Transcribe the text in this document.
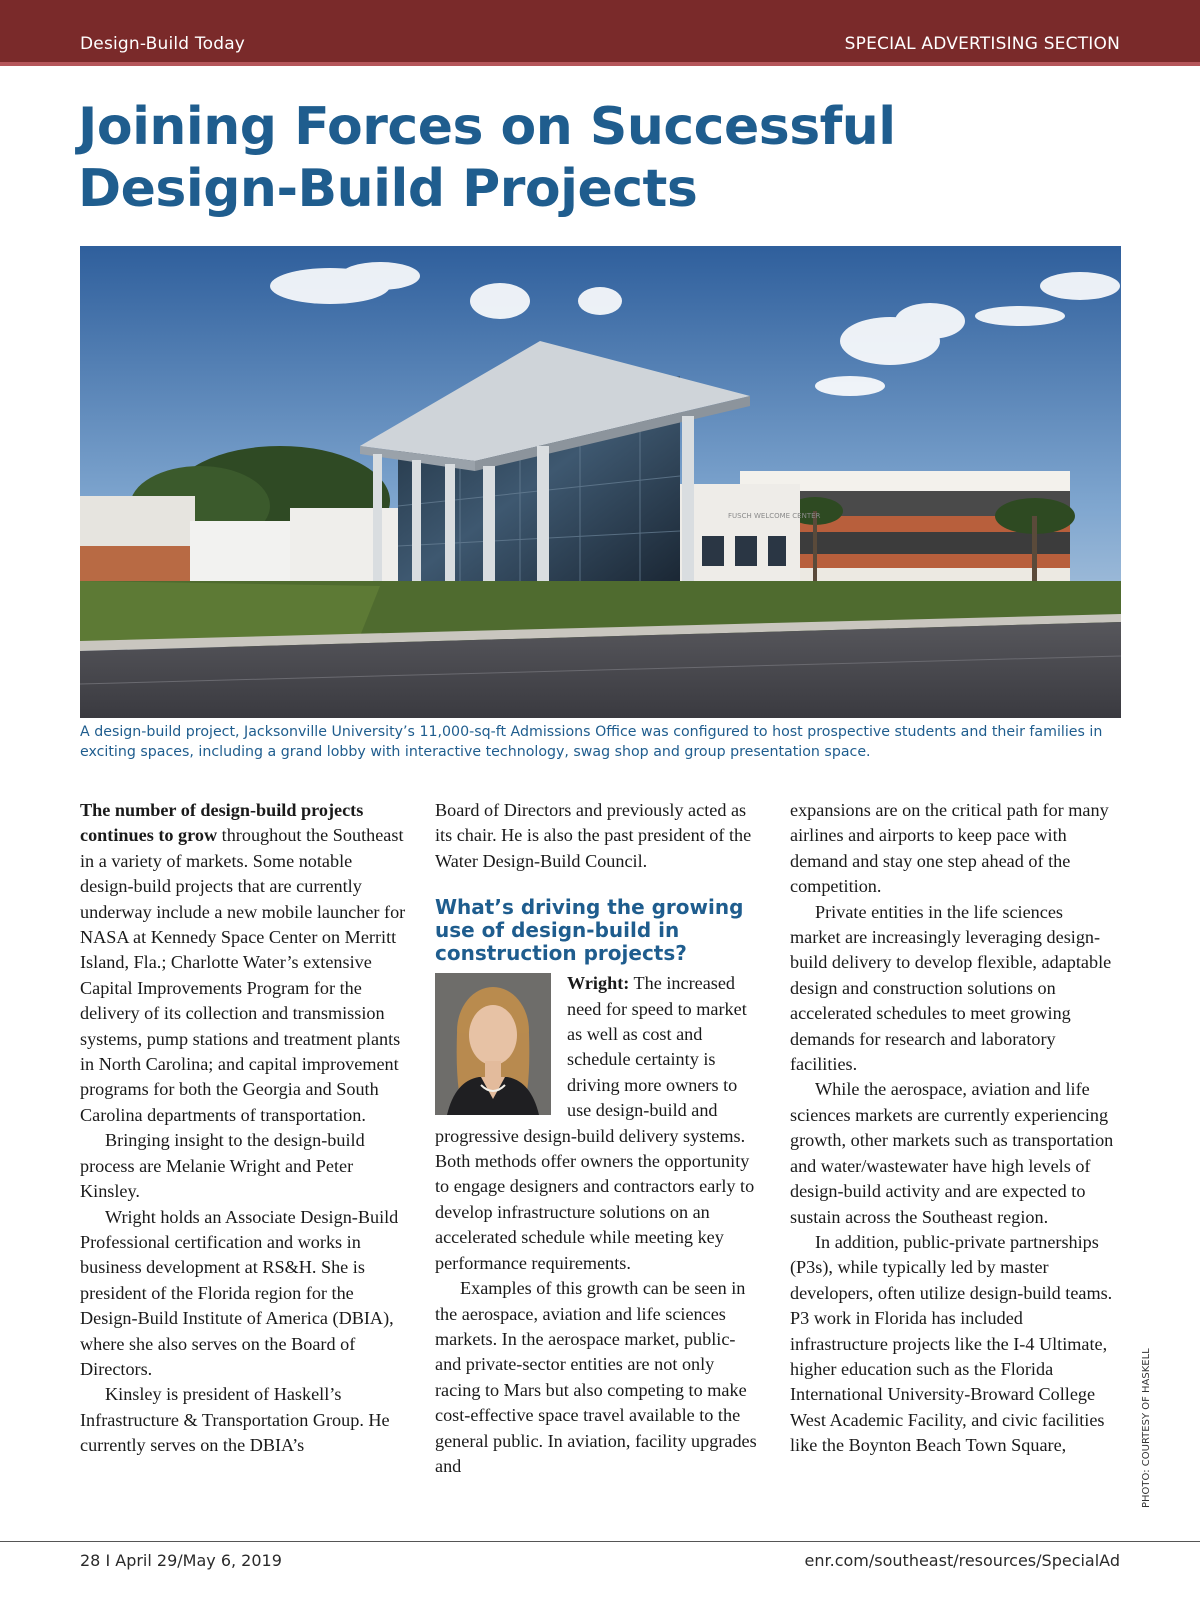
Design-Build Today	SPECIAL ADVERTISING SECTION
Joining Forces on Successful Design-Build Projects
FUSCH WELCOME CENTER

A design-build project, Jacksonville University’s 11,000-sq-ft Admissions Office was configured to host prospective students and their families in exciting spaces, including a grand lobby with interactive technology, swag shop and group presentation space.

The number of design-build projects continues to grow throughout the Southeast in a variety of markets. Some notable design-build projects that are currently underway include a new mobile launcher for NASA at Kennedy Space Center on Merritt Island, Fla.; Charlotte Water’s extensive Capital Improvements Program for the delivery of its collection and transmission systems, pump stations and treatment plants in North Carolina; and capital improvement programs for both the Georgia and South Carolina departments of transportation.

Bringing insight to the design-build process are Melanie Wright and Peter Kinsley.

Wright holds an Associate Design-Build Professional certification and works in business development at RS&H. She is president of the Florida region for the Design-Build Institute of America (DBIA), where she also serves on the Board of Directors.

Kinsley is president of Haskell’s Infrastructure & Transportation Group. He currently serves on the DBIA’s

Board of Directors and previously acted as its chair. He is also the past president of the Water Design-Build Council.

What’s driving the growing use of design-build in construction projects?

Wright: The increased need for speed to market as well as cost and schedule certainty is driving more owners to use design-build and progressive design-build delivery systems. Both methods offer owners the opportunity to engage designers and contractors early to develop infrastructure solutions on an accelerated schedule while meeting key performance requirements.

Examples of this growth can be seen in the aerospace, aviation and life sciences markets. In the aerospace market, public- and private-sector entities are not only racing to Mars but also competing to make cost-effective space travel available to the general public. In aviation, facility upgrades and

expansions are on the critical path for many airlines and airports to keep pace with demand and stay one step ahead of the competition.

Private entities in the life sciences market are increasingly leveraging design-build delivery to develop flexible, adaptable design and construction solutions on accelerated schedules to meet growing demands for research and laboratory facilities.

While the aerospace, aviation and life sciences markets are currently experiencing growth, other markets such as transportation and water/wastewater have high levels of design-build activity and are expected to sustain across the Southeast region.

In addition, public-private partnerships (P3s), while typically led by master developers, often utilize design-build teams. P3 work in Florida has included infrastructure projects like the I-4 Ultimate, higher education such as the Florida International University-Broward College West Academic Facility, and civic facilities like the Boynton Beach Town Square,	PHOTO: COURTESY OF HASKELL
28 I April 29/May 6, 2019	enr.com/southeast/resources/SpecialAd
